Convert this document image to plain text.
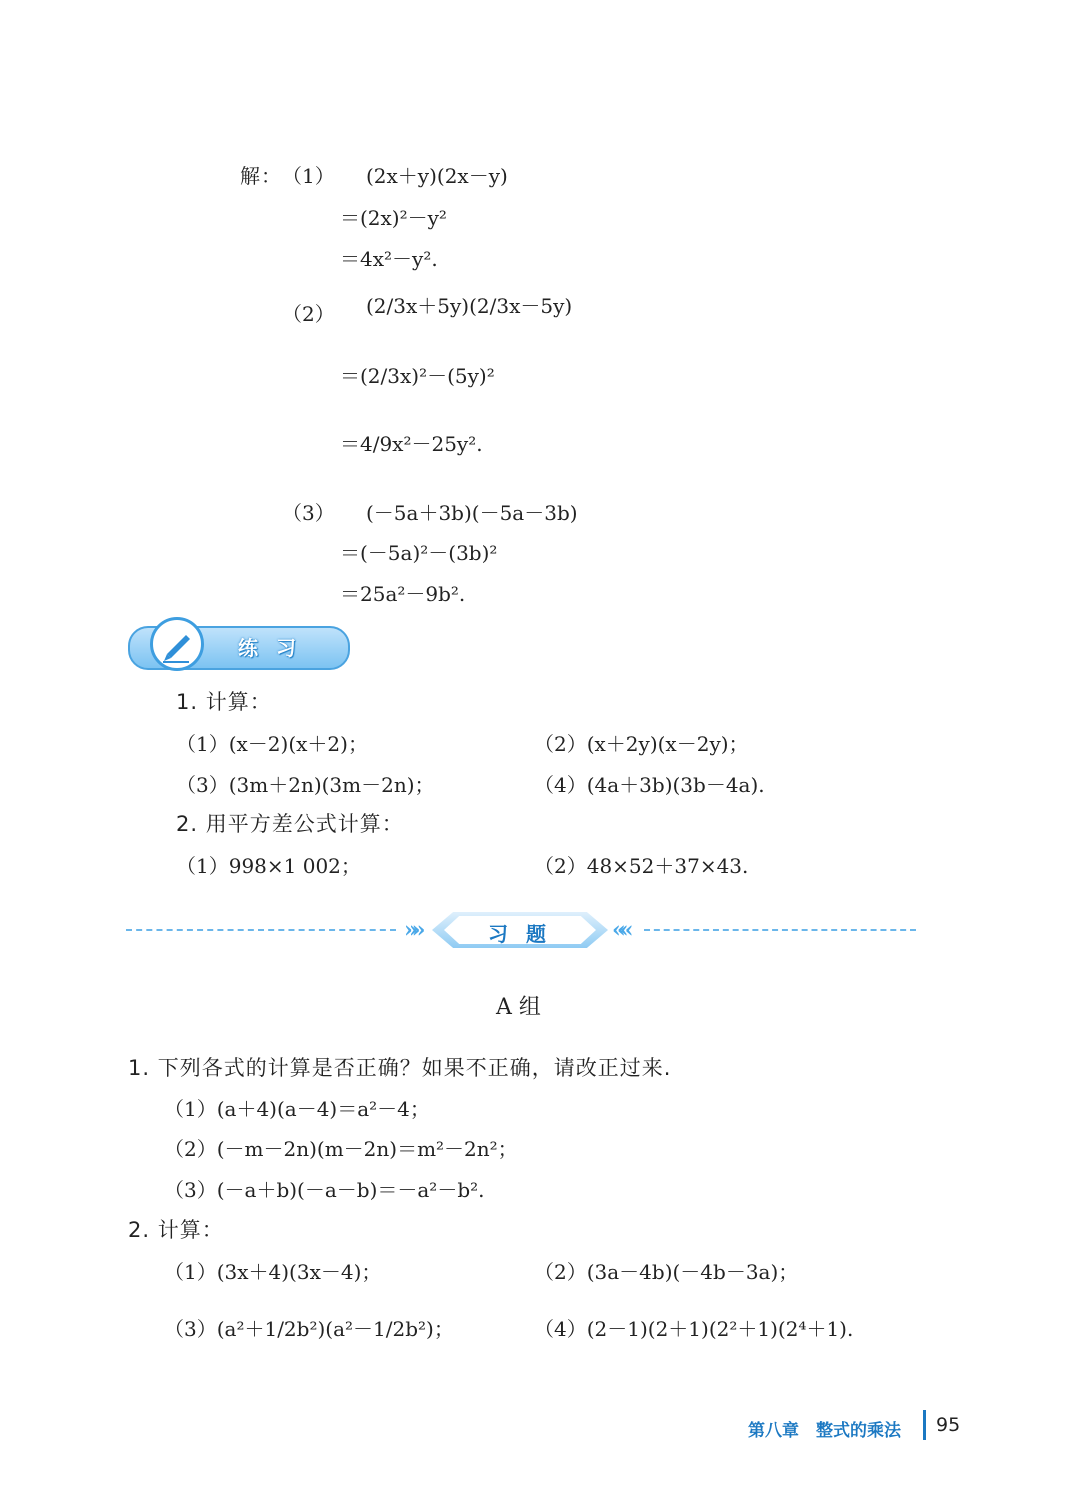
解： （1） (2x＋y)(2x－y)
＝(2x)²－y²
＝4x²－y².
（2） (2/3x＋5y)(2/3x－5y)
＝(2/3x)²－(5y)²
＝4/9x²－25y².
（3） (－5a＋3b)(－5a－3b)
＝(－5a)²－(3b)²
＝25a²－9b².
练习
1. 计算：
（1）(x－2)(x＋2)；	（2）(x＋2y)(x－2y)；
（3）(3m＋2n)(3m－2n)；	（4）(4a＋3b)(3b－4a).
2. 用平方差公式计算：
（1）998×1 002；	（2）48×52＋37×43.
»»	««
习题
A 组
1. 下列各式的计算是否正确？如果不正确，请改正过来.
（1）(a＋4)(a－4)＝a²－4；
（2）(－m－2n)(m－2n)＝m²－2n²；
（3）(－a＋b)(－a－b)＝－a²－b².
2. 计算：
（1）(3x＋4)(3x－4)；	（2）(3a－4b)(－4b－3a)；
（3）(a²＋1/2b²)(a²－1/2b²)；	（4）(2－1)(2＋1)(2²＋1)(2⁴＋1).
第八章　整式的乘法 95
